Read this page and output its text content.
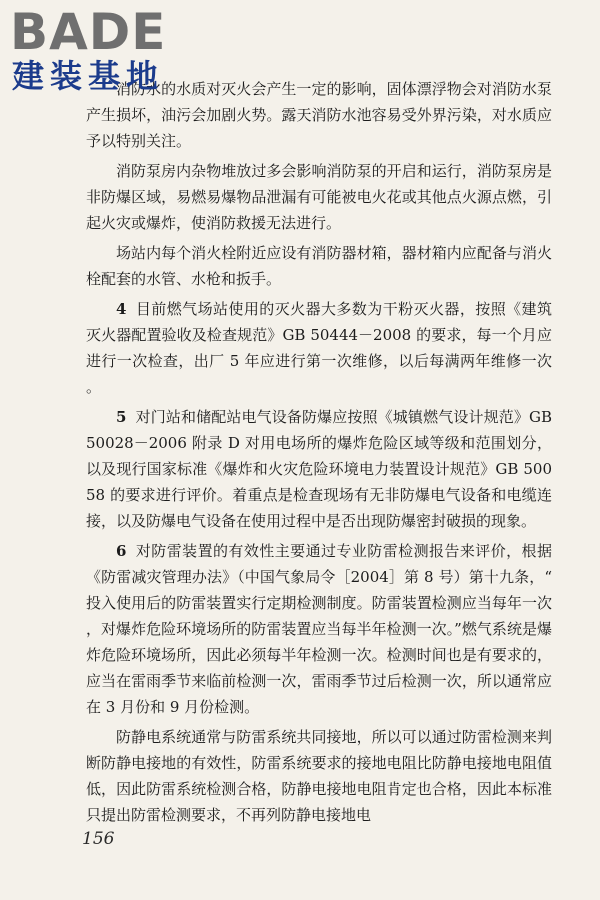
BADE
建装基地

消防水的水质对灭火会产生一定的影响，固体漂浮物会对消防水泵产生损坏，油污会加剧火势。露天消防水池容易受外界污染，对水质应予以特别关注。

消防泵房内杂物堆放过多会影响消防泵的开启和运行，消防泵房是非防爆区域，易燃易爆物品泄漏有可能被电火花或其他点火源点燃，引起火灾或爆炸，使消防救援无法进行。

场站内每个消火栓附近应设有消防器材箱，器材箱内应配备与消火栓配套的水管、水枪和扳手。

4 目前燃气场站使用的灭火器大多数为干粉灭火器，按照《建筑灭火器配置验收及检查规范》GB 50444－2008 的要求，每一个月应进行一次检查，出厂 5 年应进行第一次维修，以后每满两年维修一次。

5 对门站和储配站电气设备防爆应按照《城镇燃气设计规范》GB 50028－2006 附录 D 对用电场所的爆炸危险区域等级和范围划分，以及现行国家标准《爆炸和火灾危险环境电力装置设计规范》GB 50058 的要求进行评价。着重点是检查现场有无非防爆电气设备和电缆连接，以及防爆电气设备在使用过程中是否出现防爆密封破损的现象。

6 对防雷装置的有效性主要通过专业防雷检测报告来评价，根据《防雷减灾管理办法》（中国气象局令［2004］第 8 号）第十九条，“投入使用后的防雷装置实行定期检测制度。防雷装置检测应当每年一次，对爆炸危险环境场所的防雷装置应当每半年检测一次。”燃气系统是爆炸危险环境场所，因此必须每半年检测一次。检测时间也是有要求的，应当在雷雨季节来临前检测一次，雷雨季节过后检测一次，所以通常应在 3 月份和 9 月份检测。

防静电系统通常与防雷系统共同接地，所以可以通过防雷检测来判断防静电接地的有效性，防雷系统要求的接地电阻比防静电接地电阻值低，因此防雷系统检测合格，防静电接地电阻肯定也合格，因此本标准只提出防雷检测要求，不再列防静电接地电

156
